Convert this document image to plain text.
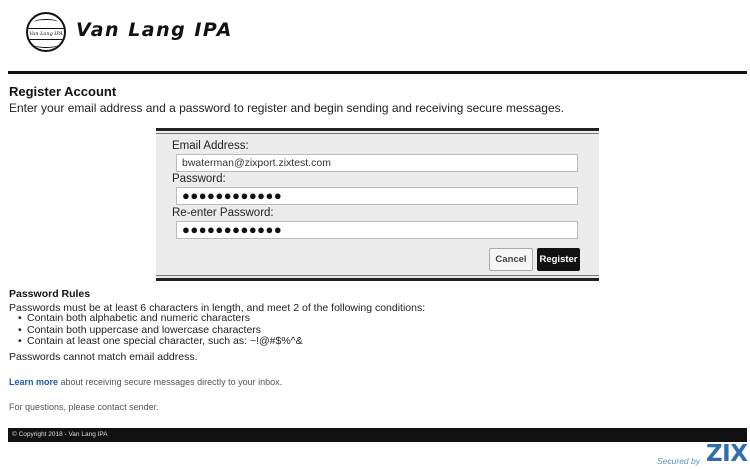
Van Lang IPA Van Lang IPA
Register Account
Enter your email address and a password to register and begin sending and receiving secure messages.
Email Address:
bwaterman@zixport.zixtest.com
Password:
●●●●●●●●●●●●
Re-enter Password:
●●●●●●●●●●●●
Cancel	Register
Password Rules
Passwords must be at least 6 characters in length, and meet 2 of the following conditions:
• Contain both alphabetic and numeric characters
• Contain both uppercase and lowercase characters
• Contain at least one special character, such as: ~!@#$%^&
Passwords cannot match email address.
Learn more about receiving secure messages directly to your inbox.
For questions, please contact sender.
© Copyright 2018 - Van Lang IPA
Secured by ZIX
